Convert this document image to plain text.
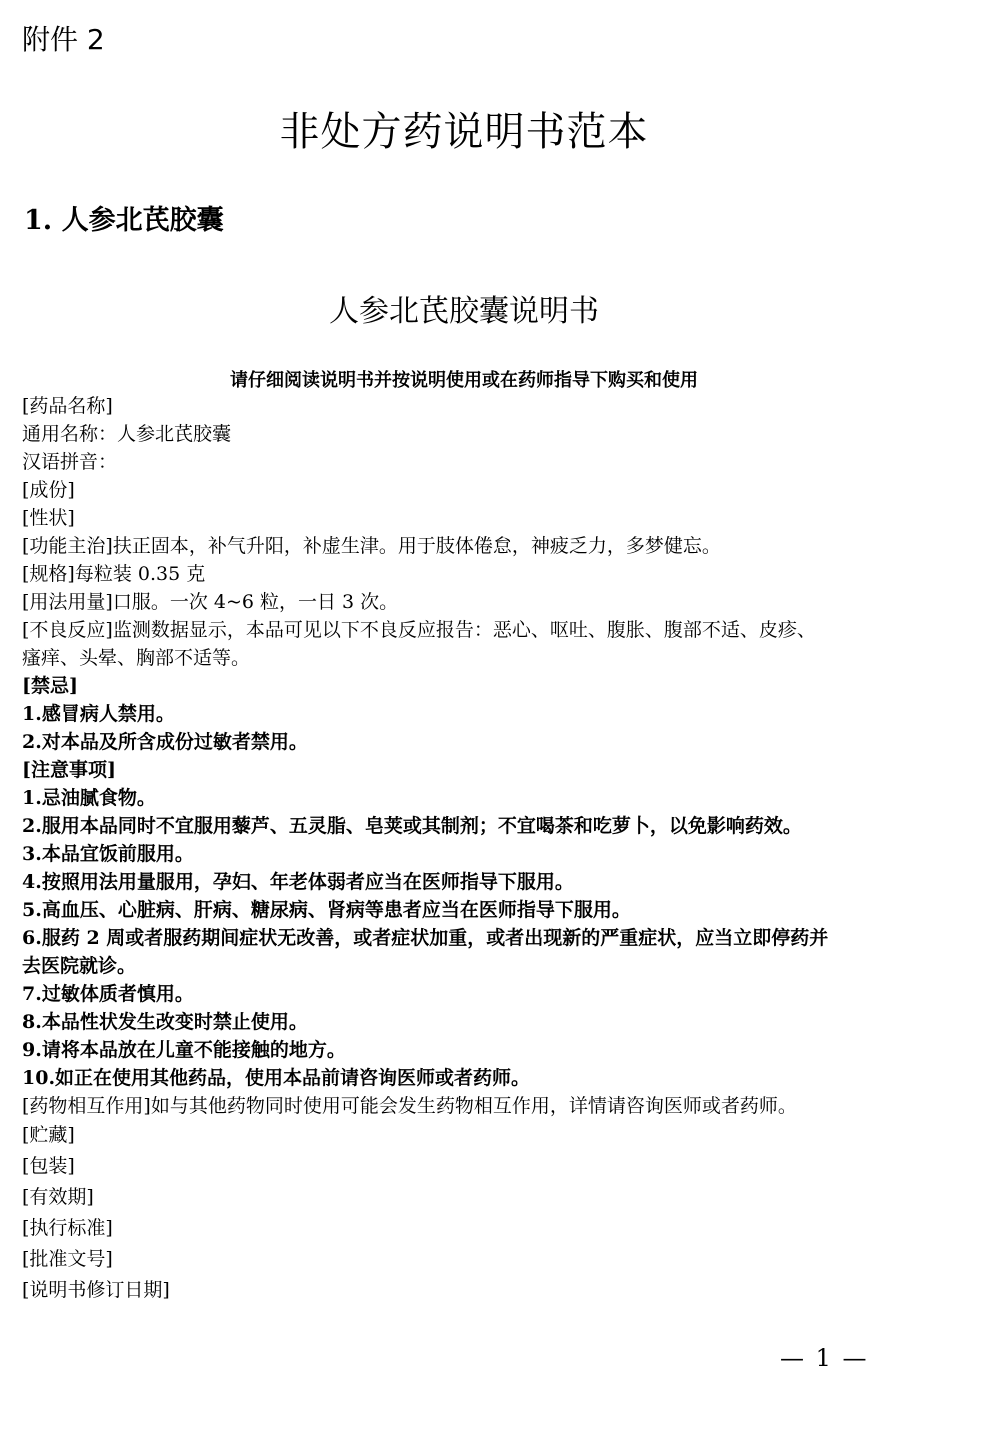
附件 2
非处方药说明书范本
1. 人参北芪胶囊
人参北芪胶囊说明书
请仔细阅读说明书并按说明使用或在药师指导下购买和使用
[药品名称]
通用名称：人参北芪胶囊
汉语拼音：
[成份]
[性状]
[功能主治]扶正固本，补气升阳，补虚生津。用于肢体倦怠，神疲乏力，多梦健忘。
[规格]每粒装 0.35 克
[用法用量]口服。一次 4~6 粒，一日 3 次。
[不良反应]监测数据显示，本品可见以下不良反应报告：恶心、呕吐、腹胀、腹部不适、皮疹、
瘙痒、头晕、胸部不适等。
[禁忌]
1.感冒病人禁用。
2.对本品及所含成份过敏者禁用。
[注意事项]
1.忌油腻食物。
2.服用本品同时不宜服用藜芦、五灵脂、皂荚或其制剂；不宜喝茶和吃萝卜，以免影响药效。
3.本品宜饭前服用。
4.按照用法用量服用，孕妇、年老体弱者应当在医师指导下服用。
5.高血压、心脏病、肝病、糖尿病、肾病等患者应当在医师指导下服用。
6.服药 2 周或者服药期间症状无改善，或者症状加重，或者出现新的严重症状，应当立即停药并
去医院就诊。
7.过敏体质者慎用。
8.本品性状发生改变时禁止使用。
9.请将本品放在儿童不能接触的地方。
10.如正在使用其他药品，使用本品前请咨询医师或者药师。
[药物相互作用]如与其他药物同时使用可能会发生药物相互作用，详情请咨询医师或者药师。
[贮藏]
[包装]
[有效期]
[执行标准]
[批准文号]
[说明书修订日期]
— 1 —
